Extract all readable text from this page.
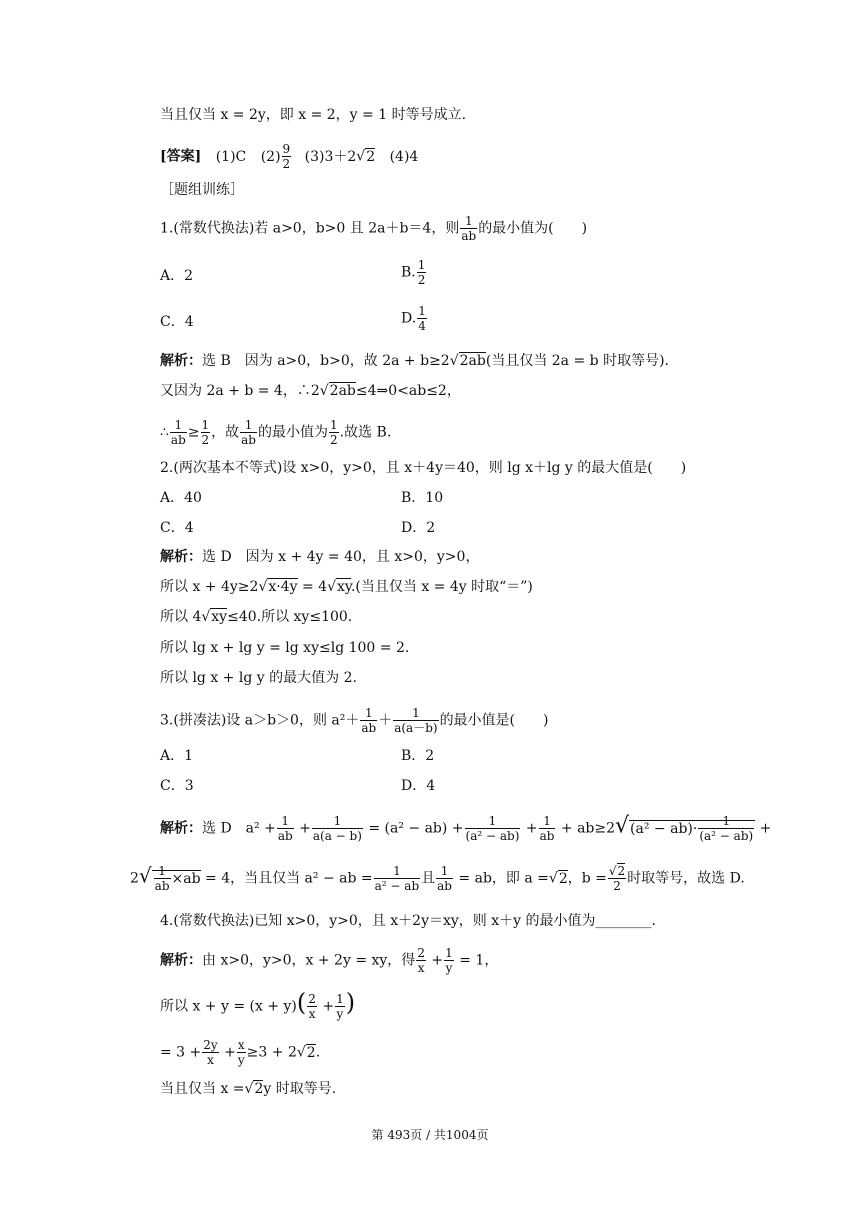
当且仅当 x = 2y，即 x = 2，y = 1 时等号成立.
[答案] (1)C $(2) \frac{9}{2} (3)3+2√2$ (4)4
［题组训练］
1.(常数代换法)若 a>0，b>0 且 2a＋b＝4，则 $\frac{1}{ab}$ 的最小值为(　　)
A．2	B. $\frac{1}{2}$
C．4	D. $\frac{1}{4}$
解析：选 B　因为 a>0，b>0，故 2a + b≥2√2ab(当且仅当 2a = b 时取等号).
又因为 2a + b = 4，∴2√2ab≤4⇒0<ab≤2，
∴ $\frac{1}{ab} \ge \frac{1}{2}$ ，故 $\frac{1}{ab}$ 的最小值为 $\frac{1}{2}$ .故选 B.
2.(两次基本不等式)设 x>0，y>0，且 x＋4y＝40，则 lg x＋lg y 的最大值是(　　)
A．40	B．10
C．4	D．2
解析：选 D　因为 x + 4y = 40，且 x>0，y>0，
所以 x + 4y≥2√x·4y = 4√xy.(当且仅当 x = 4y 时取“＝”)
所以 4√xy≤40.所以 xy≤100.
所以 lg x + lg y = lg xy≤lg 100 = 2.
所以 lg x + lg y 的最大值为 2.
3.(拼凑法)设 a＞b＞0，则 $a^2+ \frac{1}{ab} + \frac{1}{a(a-b)}$ 的最小值是(　　)
A．1	B．2
C．3	D．4
解析：选 D　$a^2 + \frac{1}{ab} + \frac{1}{a(a - b)} = (a^2 - ab) + \frac{1}{\text{(a² − ab)}} + \frac{1}{ab} + ab\ge 2√(a^2 - ab)\cdot \frac{1}{\text{(a² − ab)}}$ +
$2√ \frac{1}{ab} \times ab = 4$，当且仅当 a² − ab = $\frac{1}{\text{a² − ab}}$ 且 $\frac{1}{ab}$ = ab，即 a =√2，$b = \frac{√2}{2}$ 时取等号，故选 D.
4.(常数代换法)已知 x>0，y>0，且 x＋2y＝xy，则 x＋y 的最小值为________.
解析：由 x>0，y>0，x + 2y = xy，得 $\frac{2}{x} + \frac{1}{y} = 1$，
所以 $x + y = (x + y)( \frac{2}{x} + \frac{1}{y}$ )
= $3 + \frac{2y}{x} + \frac{x}{y} \ge 3 + 2√2$.
当且仅当 x =√2y 时取等号.
第 493页 / 共1004页
